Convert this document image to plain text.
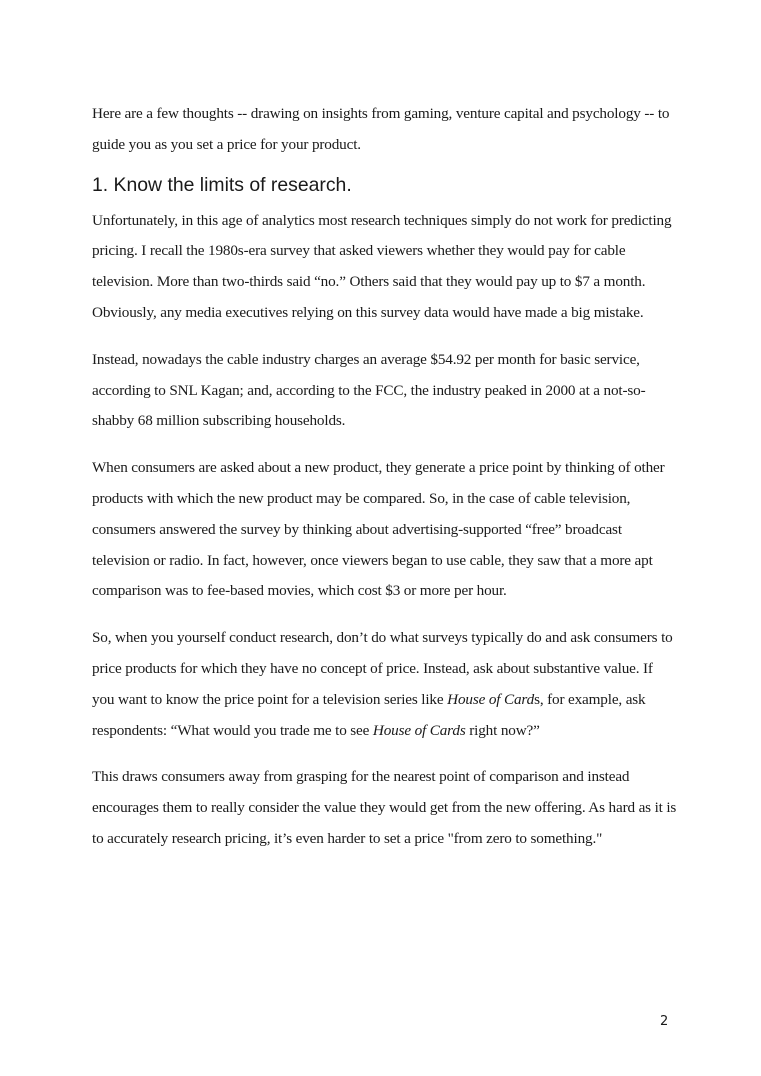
Here are a few thoughts -- drawing on insights from gaming, venture capital and psychology -- to guide you as you set a price for your product.

1. Know the limits of research.

Unfortunately, in this age of analytics most research techniques simply do not work for predicting pricing. I recall the 1980s-era survey that asked viewers whether they would pay for cable television. More than two-thirds said “no.” Others said that they would pay up to $7 a month. Obviously, any media executives relying on this survey data would have made a big mistake.

Instead, nowadays the cable industry charges an average $54.92 per month for basic service, according to SNL Kagan; and, according to the FCC, the industry peaked in 2000 at a not-so-shabby 68 million subscribing households.

When consumers are asked about a new product, they generate a price point by thinking of other products with which the new product may be compared. So, in the case of cable television, consumers answered the survey by thinking about advertising-supported “free” broadcast television or radio. In fact, however, once viewers began to use cable, they saw that a more apt comparison was to fee-based movies, which cost $3 or more per hour.

So, when you yourself conduct research, don’t do what surveys typically do and ask consumers to price products for which they have no concept of price. Instead, ask about substantive value. If you want to know the price point for a television series like House of Cards, for example, ask respondents: “What would you trade me to see House of Cards right now?”

This draws consumers away from grasping for the nearest point of comparison and instead encourages them to really consider the value they would get from the new offering. As hard as it is to accurately research pricing, it’s even harder to set a price "from zero to something."

2
